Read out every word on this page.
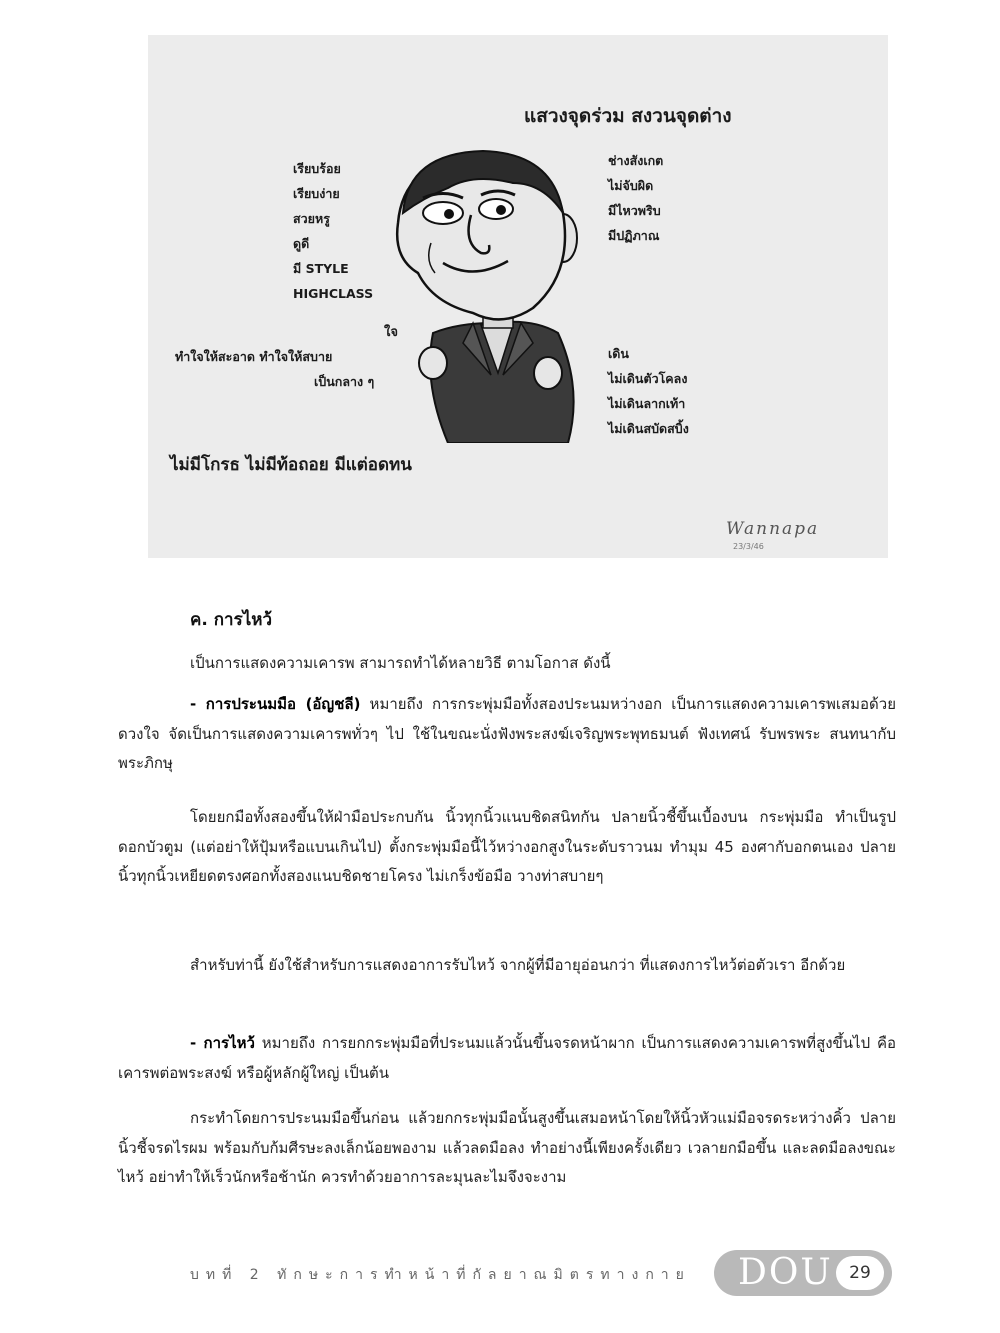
แสวงจุดร่วม สงวนจุดต่าง
เรียบร้อย
เรียบง่าย
สวยหรู
ดูดี
มี STYLE
HIGHCLASS
ช่างสังเกต
ไม่จับผิด
มีไหวพริบ
มีปฏิภาณ
ใจ
ทำใจให้สะอาด ทำใจให้สบาย
เป็นกลาง ๆ
เดิน
ไม่เดินตัวโคลง
ไม่เดินลากเท้า
ไม่เดินสบัดสบิ้ง
ไม่มีโกรธ ไม่มีท้อถอย มีแต่อดทน
Wannapa
23/3/46
ค. การไหว้
เป็นการแสดงความเคารพ สามารถทำได้หลายวิธี ตามโอกาส ดังนี้
- การประนมมือ (อัญชลี) หมายถึง การกระพุ่มมือทั้งสองประนมหว่างอก เป็นการแสดงความเคารพเสมอด้วยดวงใจ จัดเป็นการแสดงความเคารพทั่วๆ ไป ใช้ในขณะนั่งฟังพระสงฆ์เจริญพระพุทธมนต์ ฟังเทศน์ รับพรพระ สนทนากับพระภิกษุ
โดยยกมือทั้งสองขึ้นให้ฝ่ามือประกบกัน นิ้วทุกนิ้วแนบชิดสนิทกัน ปลายนิ้วชี้ขึ้นเบื้องบน กระพุ่มมือ ทำเป็นรูปดอกบัวตูม (แต่อย่าให้ปุ้มหรือแบนเกินไป) ตั้งกระพุ่มมือนี้ไว้หว่างอกสูงในระดับราวนม ทำมุม 45 องศากับอกตนเอง ปลายนิ้วทุกนิ้วเหยียดตรงศอกทั้งสองแนบชิดชายโครง ไม่เกร็งข้อมือ วางท่าสบายๆ
สำหรับท่านี้ ยังใช้สำหรับการแสดงอาการรับไหว้ จากผู้ที่มีอายุอ่อนกว่า ที่แสดงการไหว้ต่อตัวเรา อีกด้วย
- การไหว้ หมายถึง การยกกระพุ่มมือที่ประนมแล้วนั้นขึ้นจรดหน้าผาก เป็นการแสดงความเคารพที่สูงขึ้นไป คือ เคารพต่อพระสงฆ์ หรือผู้หลักผู้ใหญ่ เป็นต้น
กระทำโดยการประนมมือขึ้นก่อน แล้วยกกระพุ่มมือนั้นสูงขึ้นเสมอหน้าโดยให้นิ้วหัวแม่มือจรดระหว่างคิ้ว ปลายนิ้วชี้จรดไรผม พร้อมกับก้มศีรษะลงเล็กน้อยพองาม แล้วลดมือลง ทำอย่างนี้เพียงครั้งเดียว เวลายกมือขึ้น และลดมือลงขณะไหว้ อย่าทำให้เร็วนักหรือช้านัก ควรทำด้วยอาการละมุนละไมจึงจะงาม
บทที่ 2 ทักษะการทำหน้าที่กัลยาณมิตรทางกาย DOU 29
